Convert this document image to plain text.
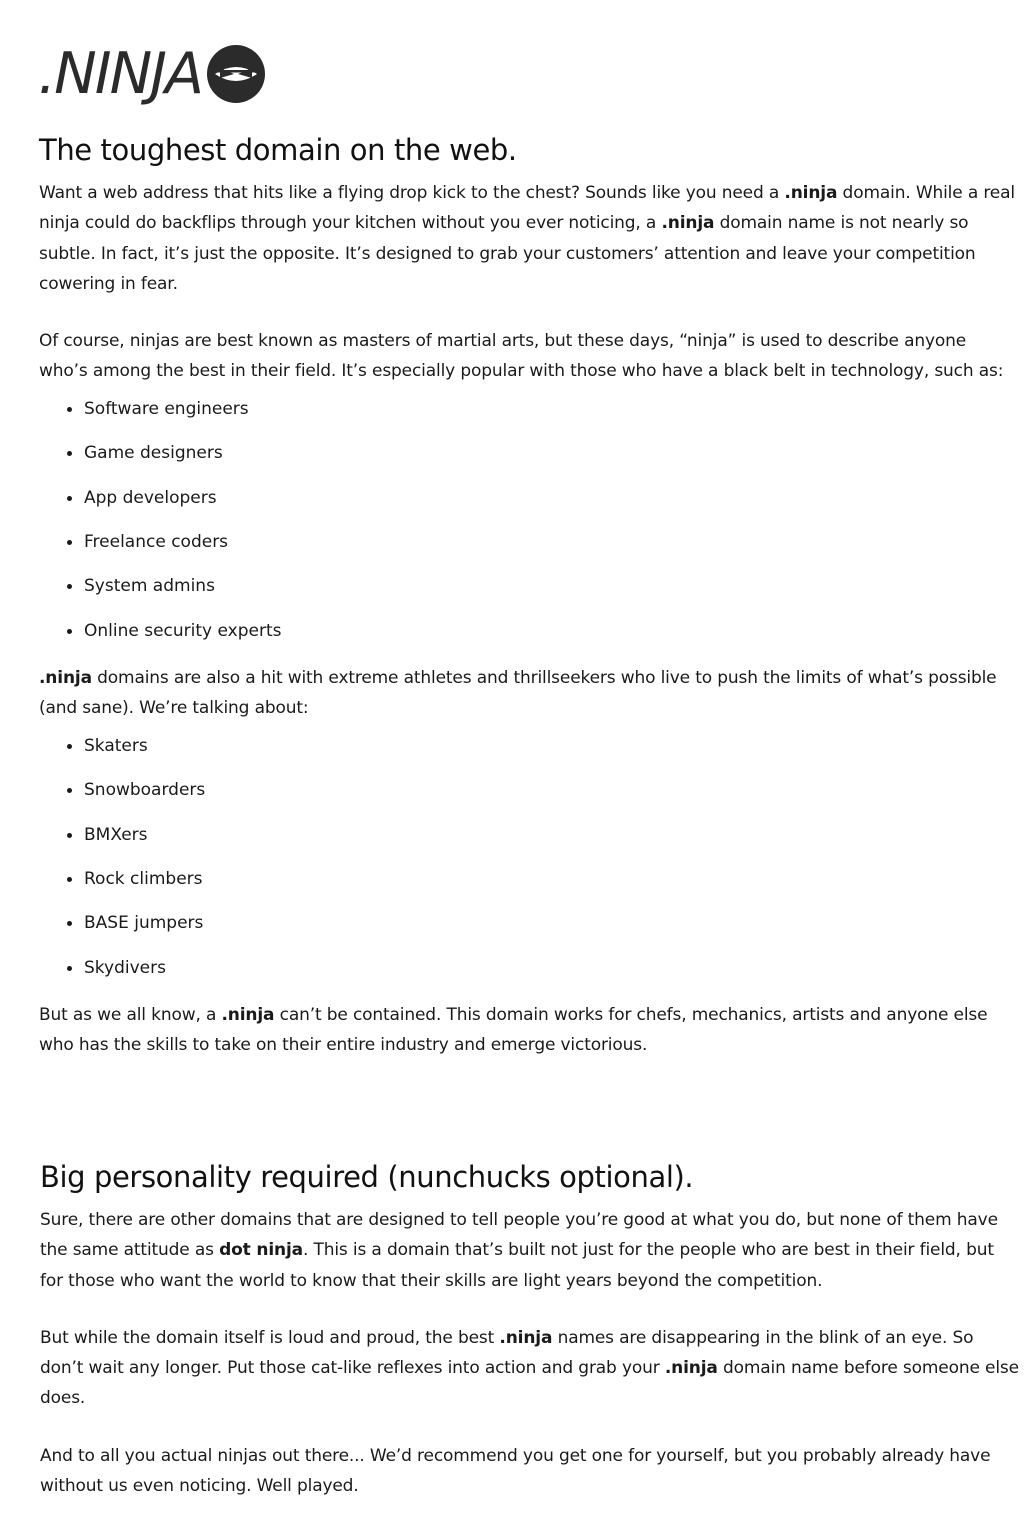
.NINJA
The toughest domain on the web.

Want a web address that hits like a flying drop kick to the chest? Sounds like you need a .ninja domain. While a real ninja could do backflips through your kitchen without you ever noticing, a .ninja domain name is not nearly so subtle. In fact, it’s just the opposite. It’s designed to grab your customers’ attention and leave your competition cowering in fear.

Of course, ninjas are best known as masters of martial arts, but these days, “ninja” is used to describe anyone who’s among the best in their field. It’s especially popular with those who have a black belt in technology, such as:

• Software engineers
• Game designers
• App developers
• Freelance coders
• System admins
• Online security experts

.ninja domains are also a hit with extreme athletes and thrillseekers who live to push the limits of what’s possible (and sane). We’re talking about:

• Skaters
• Snowboarders
• BMXers
• Rock climbers
• BASE jumpers
• Skydivers

But as we all know, a .ninja can’t be contained. This domain works for chefs, mechanics, artists and anyone else who has the skills to take on their entire industry and emerge victorious.

Big personality required (nunchucks optional).

Sure, there are other domains that are designed to tell people you’re good at what you do, but none of them have the same attitude as dot ninja. This is a domain that’s built not just for the people who are best in their field, but for those who want the world to know that their skills are light years beyond the competition.

But while the domain itself is loud and proud, the best .ninja names are disappearing in the blink of an eye. So don’t wait any longer. Put those cat-like reflexes into action and grab your .ninja domain name before someone else does.

And to all you actual ninjas out there... We’d recommend you get one for yourself, but you probably already have without us even noticing. Well played.
